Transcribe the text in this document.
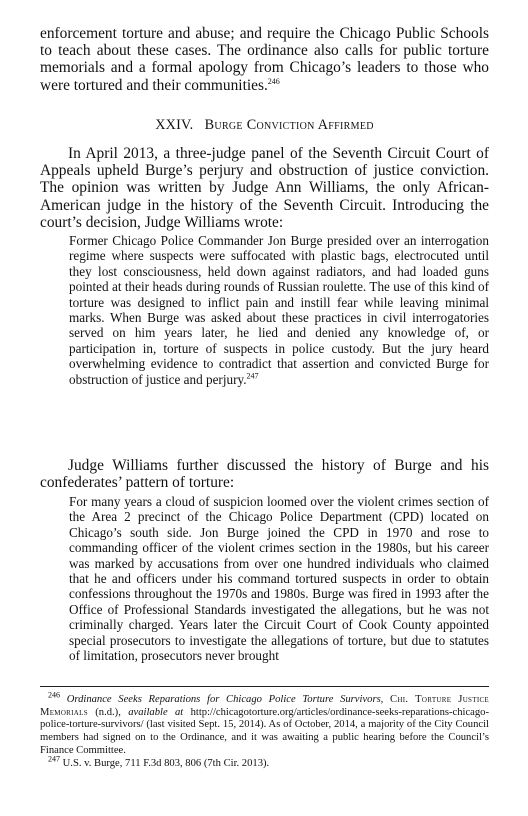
enforcement torture and abuse; and require the Chicago Public Schools to teach about these cases. The ordinance also calls for public torture memorials and a formal apology from Chicago’s leaders to those who were tortured and their communities.$^{246}$

XXIV. Burge Conviction Affirmed

In April 2013, a three-judge panel of the Seventh Circuit Court of Appeals upheld Burge’s perjury and obstruction of justice conviction. The opinion was written by Judge Ann Williams, the only African-American judge in the history of the Seventh Circuit. Introducing the court’s decision, Judge Williams wrote:

Former Chicago Police Commander Jon Burge presided over an interrogation regime where suspects were suffocated with plastic bags, electrocuted until they lost consciousness, held down against radiators, and had loaded guns pointed at their heads during rounds of Russian roulette. The use of this kind of torture was designed to inflict pain and instill fear while leaving minimal marks. When Burge was asked about these practices in civil interrogatories served on him years later, he lied and denied any knowledge of, or participation in, torture of suspects in police custody. But the jury heard overwhelming evidence to contradict that assertion and convicted Burge for obstruction of justice and perjury.$^{247}$

Judge Williams further discussed the history of Burge and his confederates’ pattern of torture:

For many years a cloud of suspicion loomed over the violent crimes section of the Area 2 precinct of the Chicago Police Department (CPD) located on Chicago’s south side. Jon Burge joined the CPD in 1970 and rose to commanding officer of the violent crimes section in the 1980s, but his career was marked by accusations from over one hundred individuals who claimed that he and officers under his command tortured suspects in order to obtain confessions throughout the 1970s and 1980s. Burge was fired in 1993 after the Office of Professional Standards investigated the allegations, but he was not criminally charged. Years later the Circuit Court of Cook County appointed special prosecutors to investigate the allegations of torture, but due to statutes of limitation, prosecutors never brought

$^{246}$ Ordinance Seeks Reparations for Chicago Police Torture Survivors, Chi. Torture Justice Memorials (n.d.), available at http://chicagotorture.org/articles/ordinance-seeks-reparations-chicago-police-torture-survivors/ (last visited Sept. 15, 2014). As of October, 2014, a majority of the City Council members had signed on to the Ordinance, and it was awaiting a public hearing before the Council’s Finance Committee.

$^{247}$ U.S. v. Burge, 711 F.3d 803, 806 (7th Cir. 2013).
